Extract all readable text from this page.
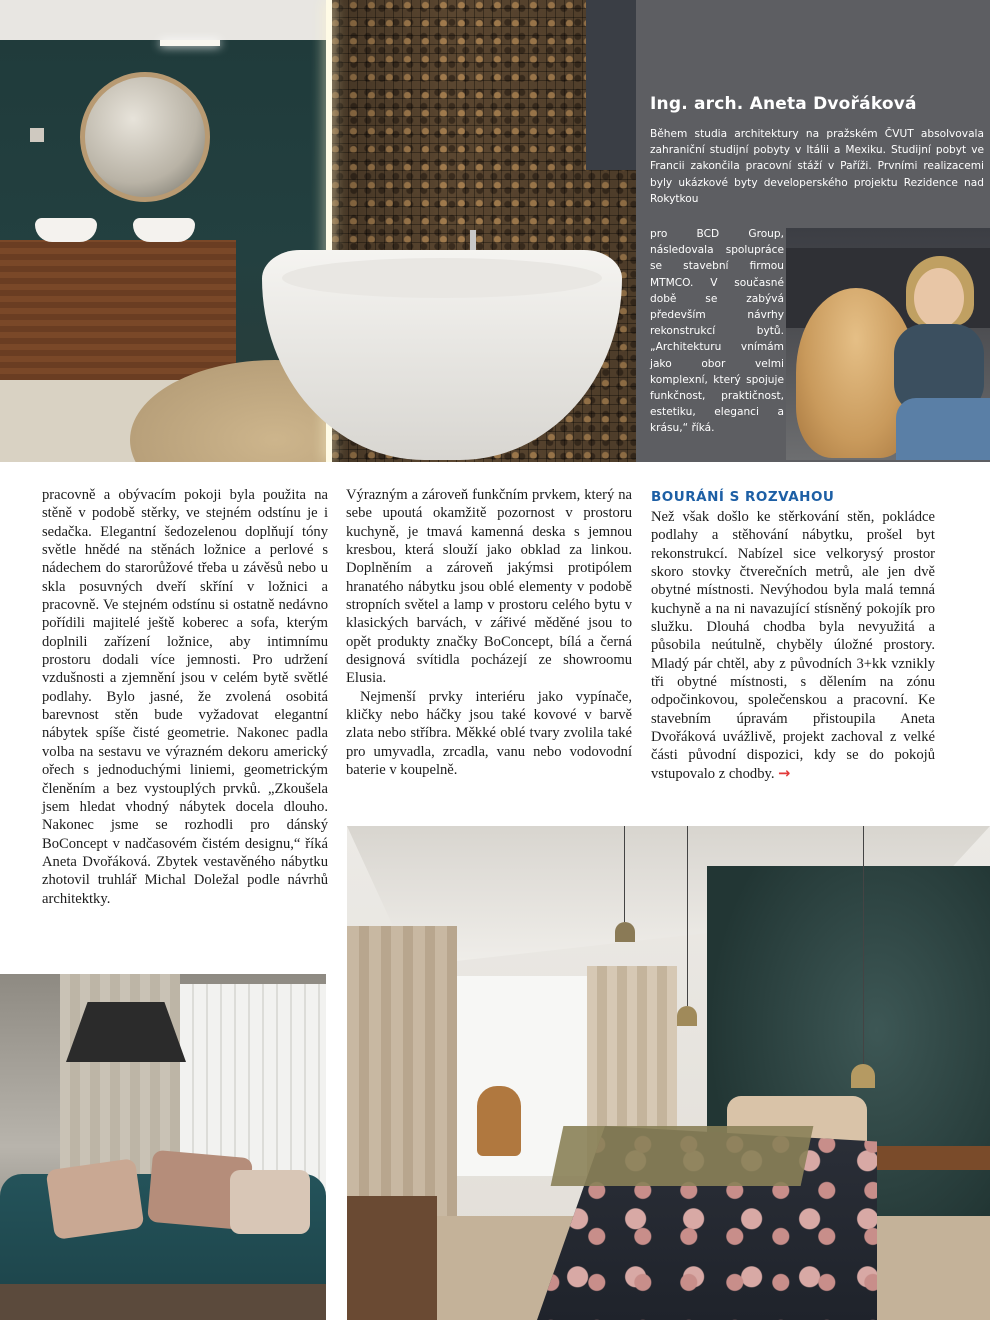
Ing. arch. Aneta Dvořáková
Během studia architektury na pražském ČVUT absolvovala zahraniční studijní pobyty v Itálii a Mexiku. Studijní pobyt ve Francii zakončila pracovní stáží v Paříži. Prvními realizacemi byly ukázkové byty developerského projektu Rezidence nad Rokytkou
pro BCD Group, následovala spolupráce se stavební firmou MTMCO. V současné době se zabývá především návrhy rekonstrukcí bytů. „Architekturu vnímám jako obor velmi komplexní, který spojuje funkčnost, praktičnost, estetiku, eleganci a krásu,“ říká.
pracovně a obývacím pokoji byla použita na stěně v podobě stěrky, ve stejném odstínu je i sedačka. Elegantní šedozelenou doplňují tóny světle hnědé na stěnách ložnice a perlové s nádechem do starorůžové třeba u závěsů nebo u skla posuvných dveří skříní v ložnici a pracovně. Ve stejném odstínu si ostatně nedávno pořídili majitelé ještě koberec a sofa, kterým doplnili zařízení ložnice, aby intimnímu prostoru dodali více jemnosti. Pro udržení vzdušnosti a zjemnění jsou v celém bytě světlé podlahy. Bylo jasné, že zvolená osobitá barevnost stěn bude vyžadovat elegantní nábytek spíše čisté geometrie. Nakonec padla volba na sestavu ve výrazném dekoru americký ořech s jednoduchými liniemi, geometrickým členěním a bez vystouplých prvků. „Zkoušela jsem hledat vhodný nábytek docela dlouho. Nakonec jsme se rozhodli pro dánský BoConcept v nadčasovém čistém designu,“ říká Aneta Dvořáková. Zbytek vestavěného nábytku zhotovil truhlář Michal Doležal podle návrhů architektky.

Výrazným a zároveň funkčním prvkem, který na sebe upoutá okamžitě pozornost v prostoru kuchyně, je tmavá kamenná deska s jemnou kresbou, která slouží jako obklad za linkou. Doplněním a zároveň jakýmsi protipólem hranatého nábytku jsou oblé elementy v podobě stropních světel a lamp v prostoru celého bytu v klasických barvách, v zářivé měděné jsou to opět produkty značky BoConcept, bílá a černá designová svítidla pocházejí ze showroomu Elusia.

Nejmenší prvky interiéru jako vypínače, kličky nebo háčky jsou také kovové v barvě zlata nebo stříbra. Měkké oblé tvary zvolila také pro umyvadla, zrcadla, vanu nebo vodovodní baterie v koupelně.

BOURÁNÍ S ROZVAHOU
Než však došlo ke stěrkování stěn, pokládce podlahy a stěhování nábytku, prošel byt rekonstrukcí. Nabízel sice velkorysý prostor skoro stovky čtverečních metrů, ale jen dvě obytné místnosti. Nevýhodou byla malá temná kuchyně a na ni navazující stísněný pokojík pro služku. Dlouhá chodba byla nevyužitá a působila neútulně, chyběly úložné prostory. Mladý pár chtěl, aby z původních 3+kk vznikly tři obytné místnosti, s dělením na zónu odpočinkovou, společenskou a pracovní. Ke stavebním úpravám přistoupila Aneta Dvořáková uvážlivě, projekt zachoval z velké části původní dispozici, kdy se do pokojů vstupovalo z chodby. →
